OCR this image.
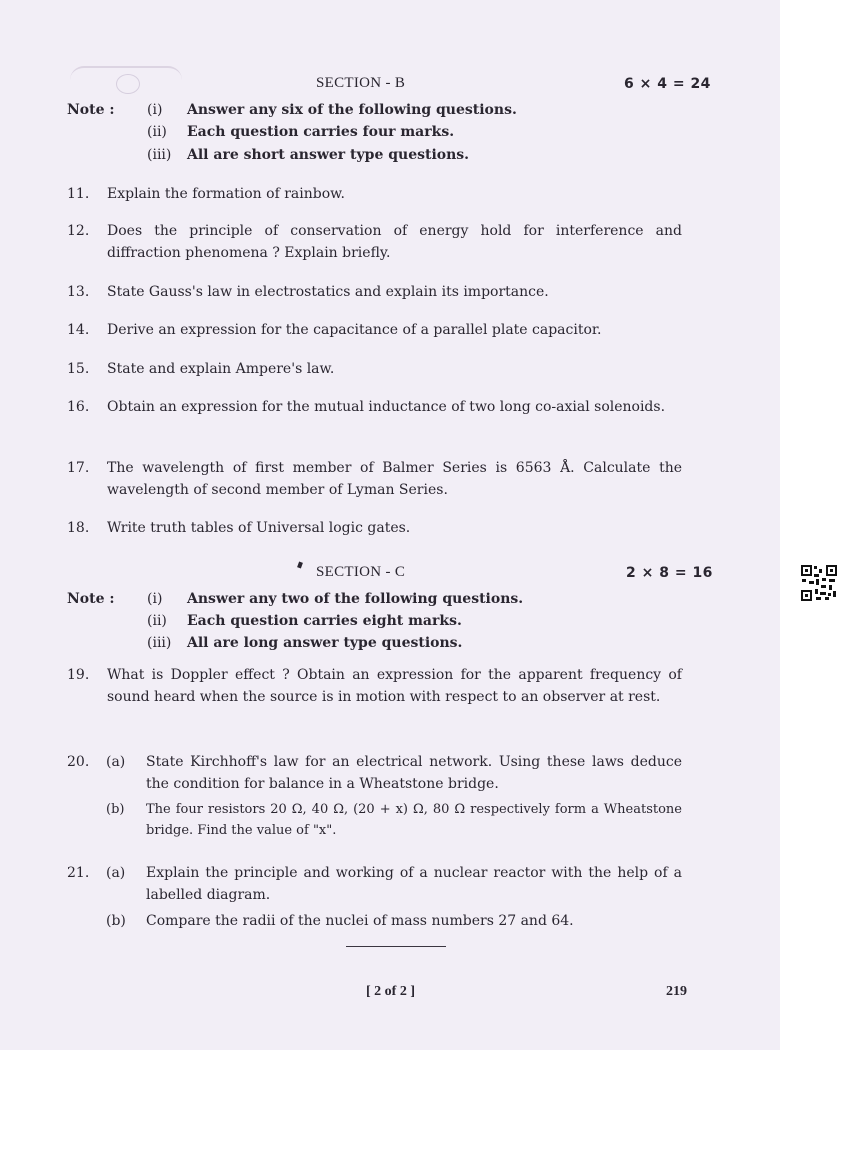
SECTION - B	6 × 4 = 24
Note : (i) Answer any six of the following questions.
(ii) Each question carries four marks.
(iii) All are short answer type questions.
11. Explain the formation of rainbow.
12. Does the principle of conservation of energy hold for interference and diffraction phenomena ? Explain briefly.
13. State Gauss's law in electrostatics and explain its importance.
14. Derive an expression for the capacitance of a parallel plate capacitor.
15. State and explain Ampere's law.
16. Obtain an expression for the mutual inductance of two long co-axial solenoids.
17. The wavelength of first member of Balmer Series is 6563 Å. Calculate the wavelength of second member of Lyman Series.
18. Write truth tables of Universal logic gates.
SECTION - C	2 × 8 = 16
Note : (i) Answer any two of the following questions.
(ii) Each question carries eight marks.
(iii) All are long answer type questions.
19. What is Doppler effect ? Obtain an expression for the apparent frequency of sound heard when the source is in motion with respect to an observer at rest.
20. (a) State Kirchhoff's law for an electrical network. Using these laws deduce the condition for balance in a Wheatstone bridge.
(b) The four resistors 20 Ω, 40 Ω, (20 + x) Ω, 80 Ω respectively form a Wheatstone bridge. Find the value of "x".
21. (a) Explain the principle and working of a nuclear reactor with the help of a labelled diagram.
(b) Compare the radii of the nuclei of mass numbers 27 and 64.
[ 2 of 2 ]	219
